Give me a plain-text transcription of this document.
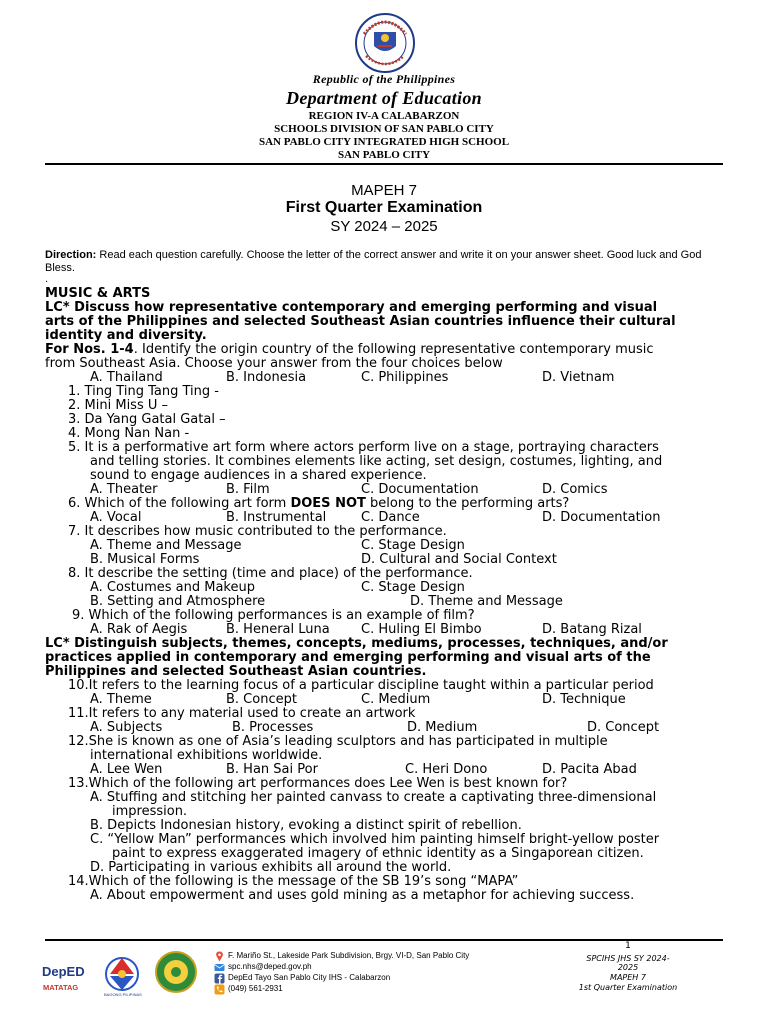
Republic of the Philippines
Department of Education
REGION IV-A CALABARZON
SCHOOLS DIVISION OF SAN PABLO CITY
SAN PABLO CITY INTEGRATED HIGH SCHOOL
SAN PABLO CITY
MAPEH 7
First Quarter Examination
SY 2024 – 2025
Direction: Read each question carefully. Choose the letter of the correct answer and write it on your answer sheet. Good luck and God Bless.
.
MUSIC & ARTS
LC* Discuss how representative contemporary and emerging performing and visual
arts of the Philippines and selected Southeast Asian countries influence their cultural
identity and diversity.
For Nos. 1-4. Identify the origin country of the following representative contemporary music
from Southeast Asia. Choose your answer from the four choices below
A. Thailand	B. Indonesia	C. Philippines	D. Vietnam
1. Ting Ting Tang Ting -
2. Mini Miss U –
3. Da Yang Gatal Gatal –
4. Mong Nan Nan -
5. It is a performative art form where actors perform live on a stage, portraying characters
and telling stories. It combines elements like acting, set design, costumes, lighting, and
sound to engage audiences in a shared experience.
A. Theater	B. Film	C. Documentation	D. Comics
6. Which of the following art form DOES NOT belong to the performing arts?
A. Vocal	B. Instrumental	C. Dance	D. Documentation
7. It describes how music contributed to the performance.
A. Theme and Message	C. Stage Design
B. Musical Forms	D. Cultural and Social Context
8. It describe the setting (time and place) of the performance.
A. Costumes and Makeup	C. Stage Design
B. Setting and Atmosphere	D. Theme and Message
9. Which of the following performances is an example of film?
A. Rak of Aegis	B. Heneral Luna C. Huling El Bimbo	D. Batang Rizal
LC* Distinguish subjects, themes, concepts, mediums, processes, techniques, and/or
practices applied in contemporary and emerging performing and visual arts of the
Philippines and selected Southeast Asian countries.
10.It refers to the learning focus of a particular discipline taught within a particular period
A. Theme	B. Concept	C. Medium	D. Technique
11.It refers to any material used to create an artwork
A. Subjects	B. Processes	D. Medium	D. Concept
12.She is known as one of Asia’s leading sculptors and has participated in multiple
international exhibitions worldwide.
A. Lee Wen	B. Han Sai Por	C. Heri Dono	D. Pacita Abad
13.Which of the following art performances does Lee Wen is best known for?
A. Stuffing and stitching her painted canvass to create a captivating three-dimensional
impression.
B. Depicts Indonesian history, evoking a distinct spirit of rebellion.
C. “Yellow Man” performances which involved him painting himself bright-yellow poster
paint to express exaggerated imagery of ethnic identity as a Singaporean citizen.
D. Participating in various exhibits all around the world.
14.Which of the following is the message of the SB 19’s song “MAPA”
A. About empowerment and uses gold mining as a metaphor for achieving success.
DepED
MATATAG
BAGONG PILIPINAS
F. Mariño St., Lakeside Park Subdivision, Brgy. VI-D, San Pablo City
spc.nhs@deped.gov.ph
DepEd Tayo San Pablo City IHS - Calabarzon
(049) 561-2931
1
SPCIHS JHS SY 2024-
2025
MAPEH 7
1st Quarter Examination
